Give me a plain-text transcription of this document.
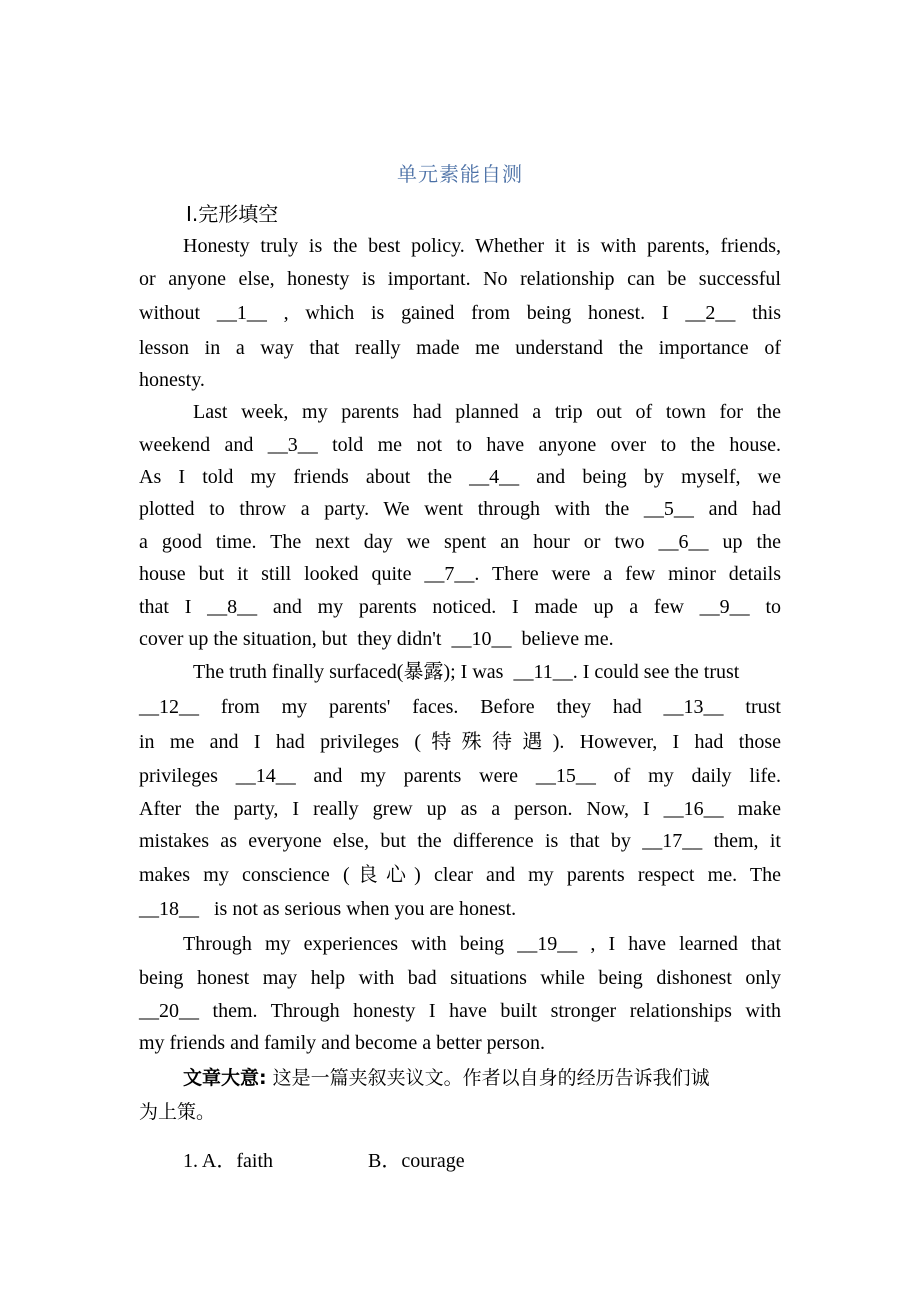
单元素能自测
Ⅰ.完形填空
Honesty truly is the best policy. Whether it is with parents, friends,
or anyone else, honesty is important. No relationship can be successful
without __1__ , which is gained from being honest. I __2__ this
lesson in a way that really made me understand the importance of
honesty.
Last week, my parents had planned a trip out of town for the
weekend and __3__ told me not to have anyone over to the house.
As I told my friends about the __4__ and being by myself, we
plotted to throw a party. We went through with the __5__ and had
a good time. The next day we spent an hour or two __6__ up the
house but it still looked quite __7__. There were a few minor details
that I __8__ and my parents noticed. I made up a few __9__ to
cover up the situation, but  they didn't  __10__  believe me.
The truth finally surfaced(暴露); I was  __11__. I could see the trust
__12__ from my parents' faces. Before they had __13__ trust
in me and I had privileges (特殊待遇). However, I had those
privileges __14__ and my parents were __15__ of my daily life.
After the party, I really grew up as a person. Now, I __16__ make
mistakes as everyone else, but the difference is that by __17__ them, it
makes my conscience (良心) clear and my parents respect me. The
__18__   is not as serious when you are honest.
Through my experiences with being __19__ , I have learned that
being honest may help with bad situations while being dishonest only
__20__ them. Through honesty I have built stronger relationships with
my friends and family and become a better person.
文章大意: 这是一篇夹叙夹议文。作者以自身的经历告诉我们诚
为上策。
1. A．faith	B．courage
